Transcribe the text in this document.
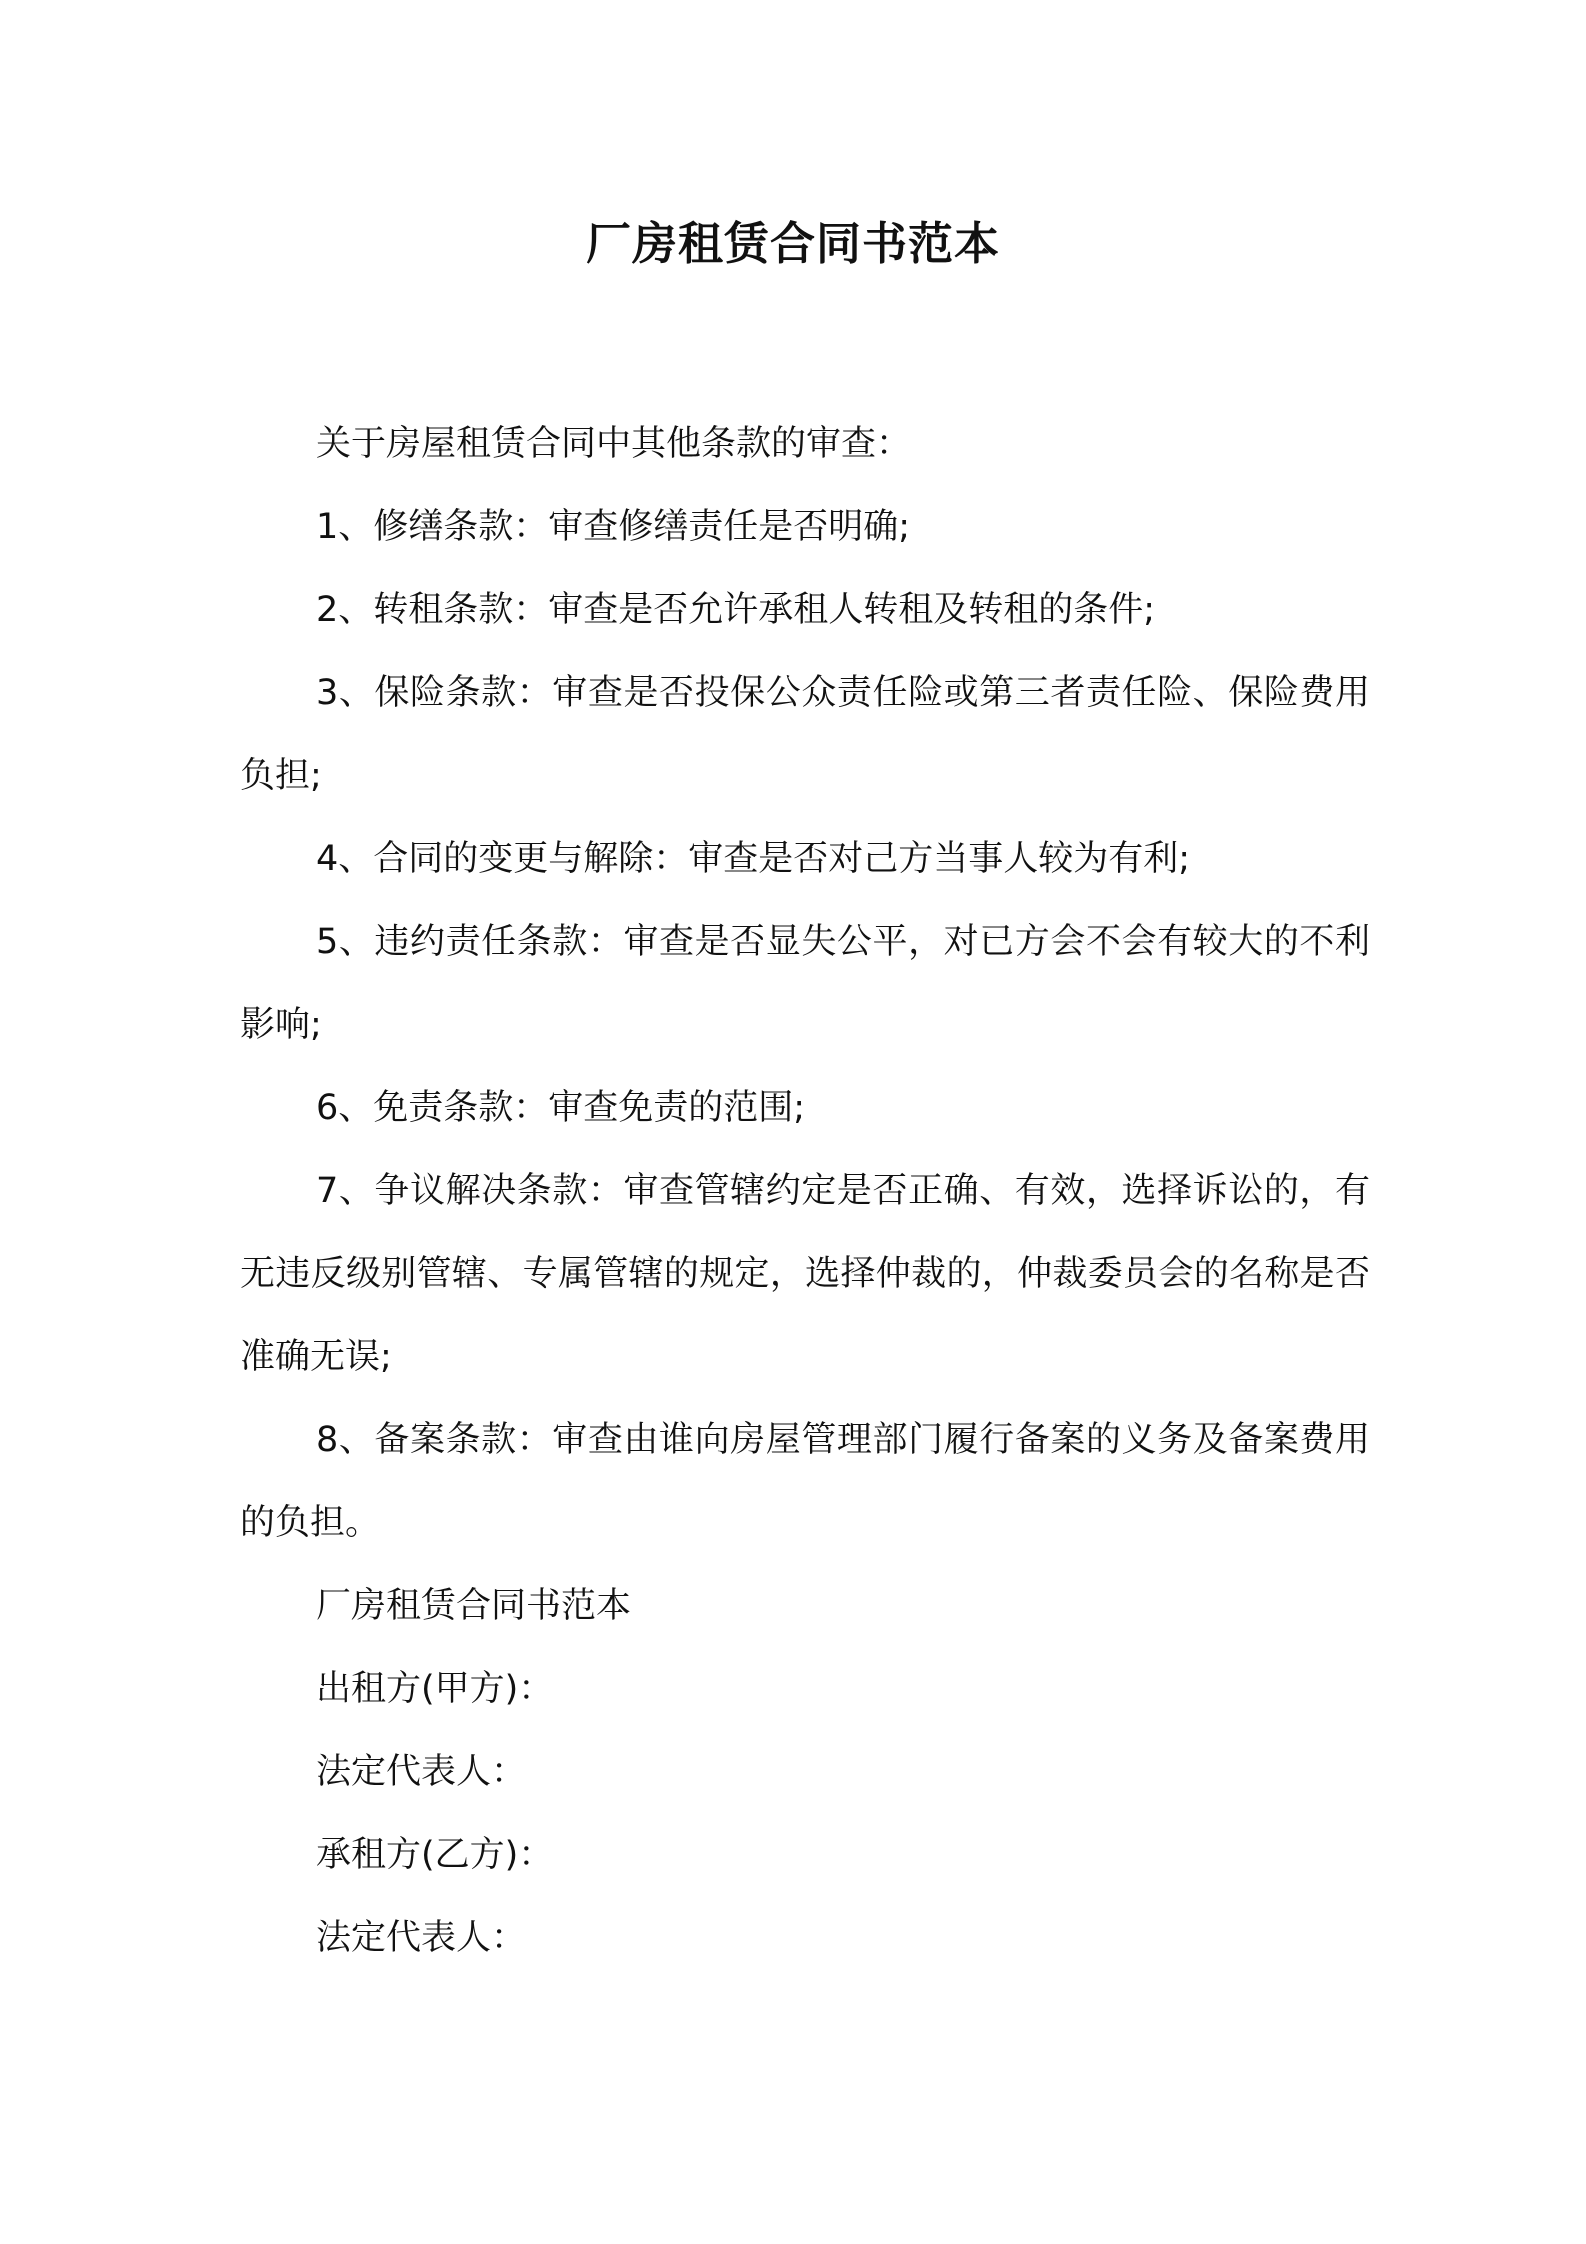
厂房租赁合同书范本

关于房屋租赁合同中其他条款的审查：

1、修缮条款：审查修缮责任是否明确;

2、转租条款：审查是否允许承租人转租及转租的条件;

3、保险条款：审查是否投保公众责任险或第三者责任险、保险费用负担;

4、合同的变更与解除：审查是否对己方当事人较为有利;

5、违约责任条款：审查是否显失公平，对已方会不会有较大的不利影响;

6、免责条款：审查免责的范围;

7、争议解决条款：审查管辖约定是否正确、有效，选择诉讼的，有无违反级别管辖、专属管辖的规定，选择仲裁的，仲裁委员会的名称是否准确无误;

8、备案条款：审查由谁向房屋管理部门履行备案的义务及备案费用的负担。

厂房租赁合同书范本

出租方(甲方)：

法定代表人：

承租方(乙方)：

法定代表人：
